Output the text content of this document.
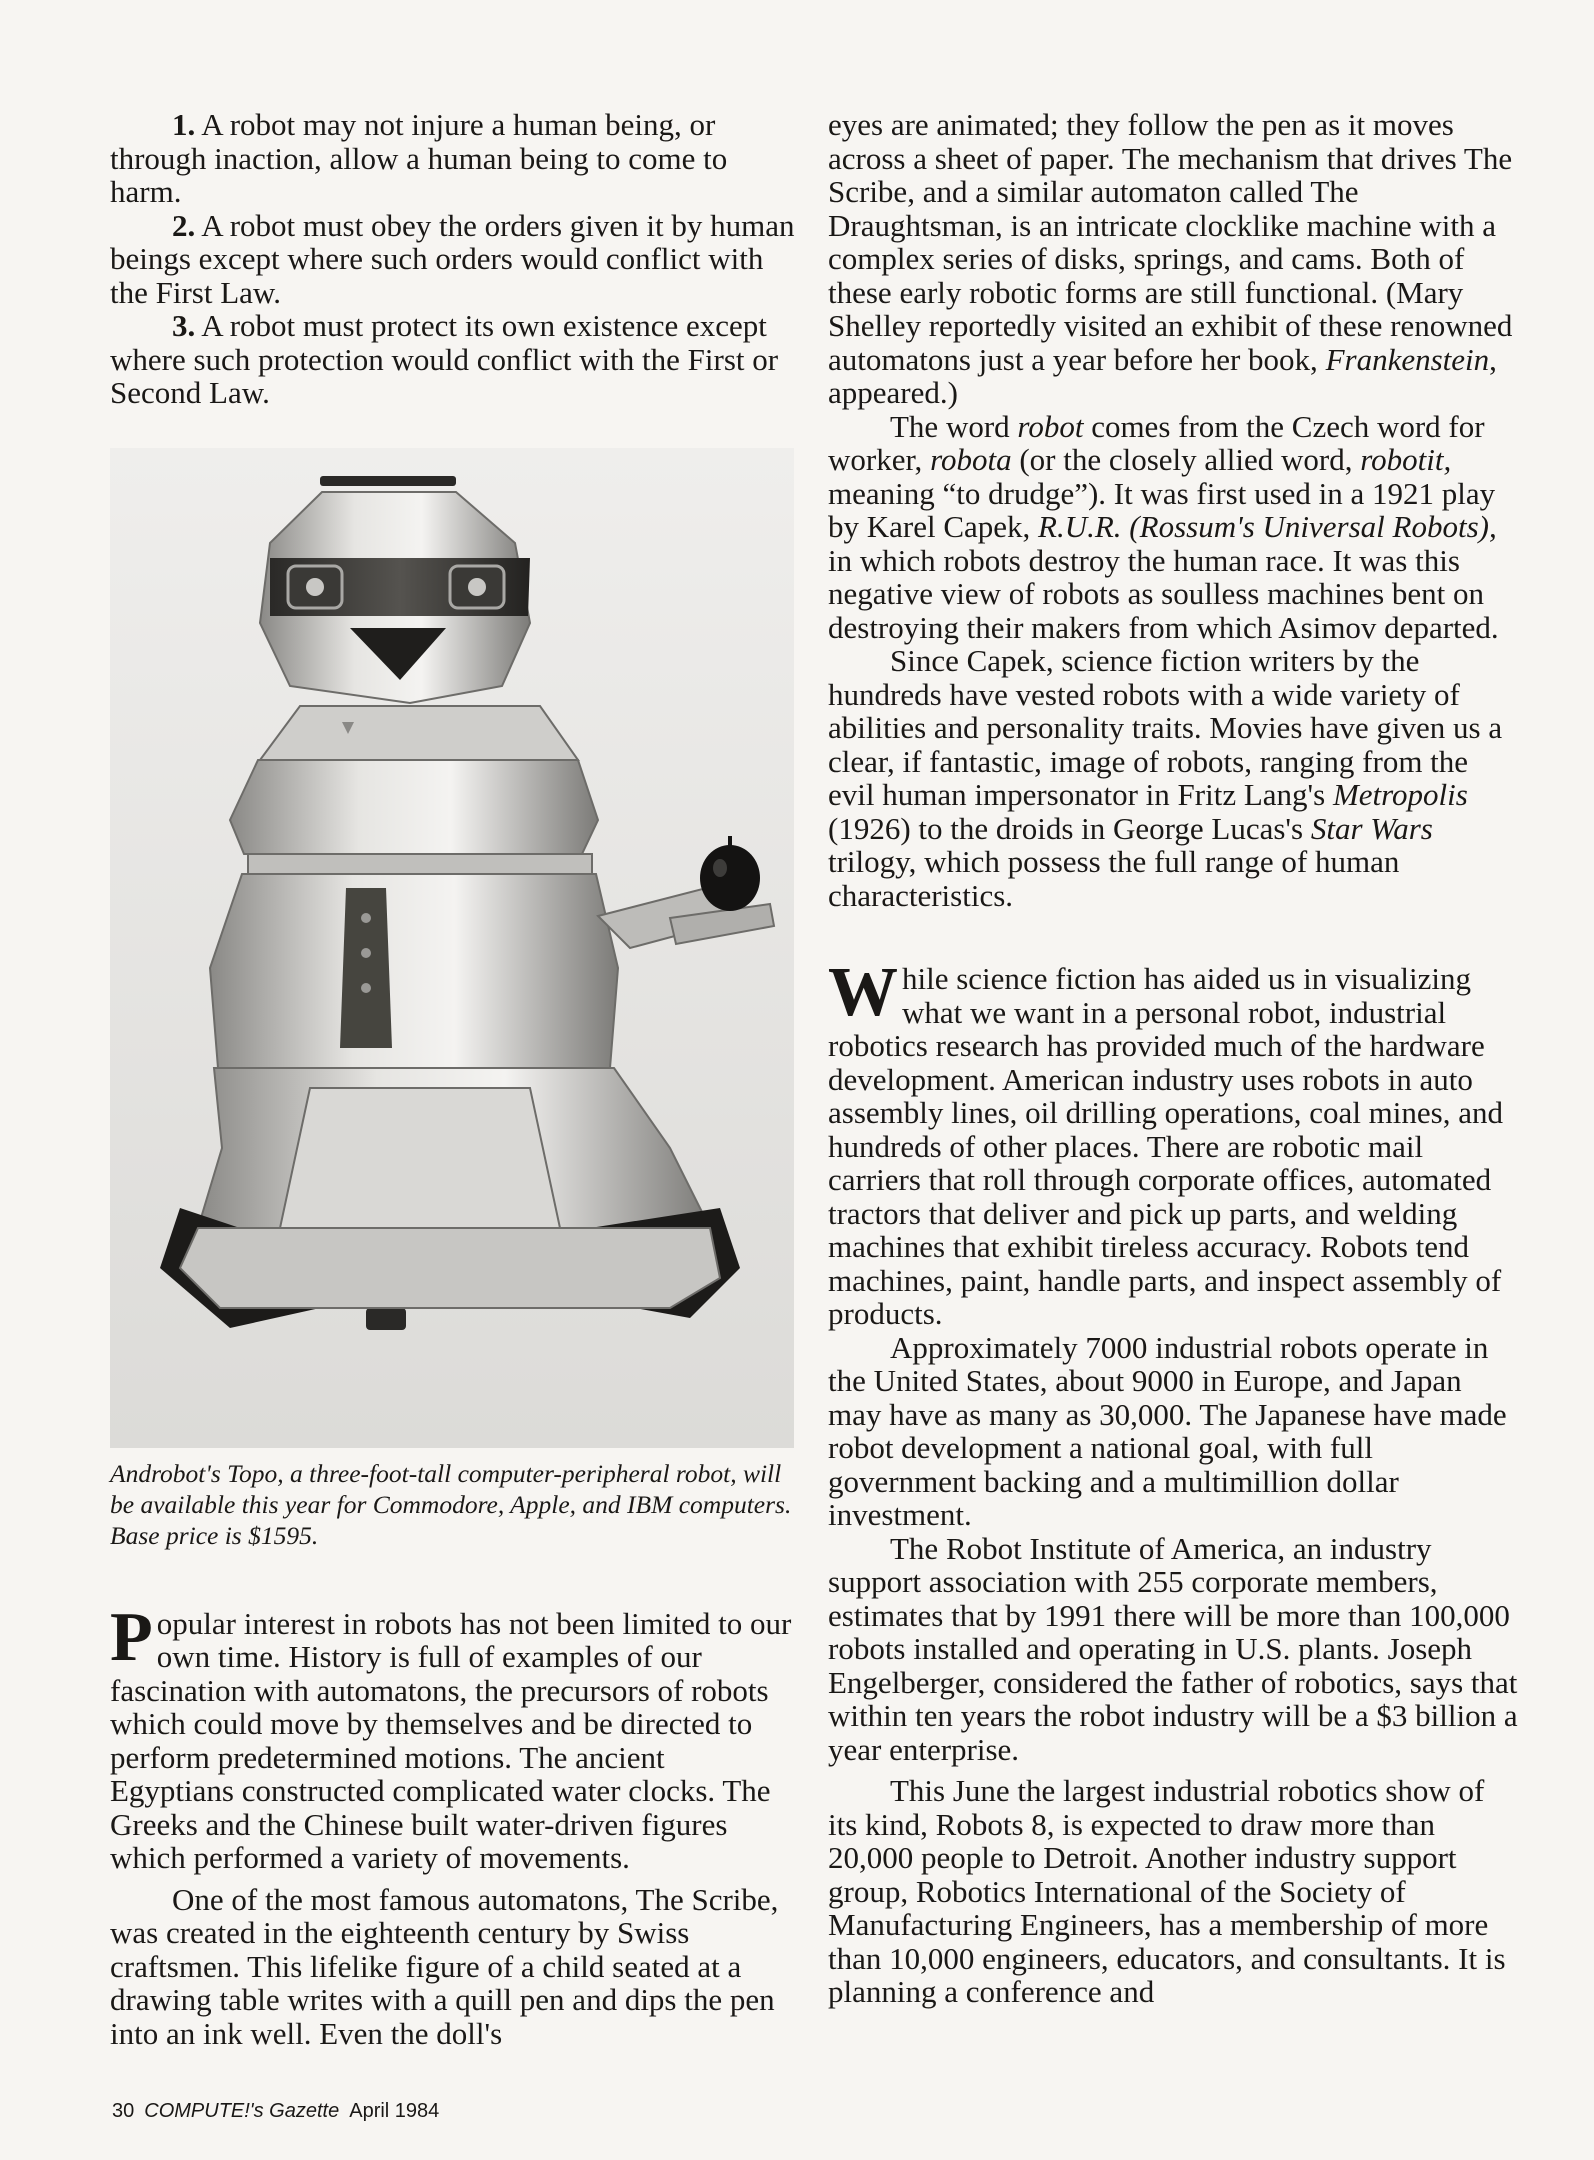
1. A robot may not injure a human being, or through inaction, allow a human being to come to harm.

2. A robot must obey the orders given it by human beings except where such orders would conflict with the First Law.

3. A robot must protect its own existence except where such protection would conflict with the First or Second Law.

Androbot's Topo, a three-foot-tall computer-peripheral robot, will be available this year for Commodore, Apple, and IBM computers. Base price is $1595.

Popular interest in robots has not been limited to our own time. History is full of examples of our fascination with automatons, the precursors of robots which could move by themselves and be directed to perform predetermined motions. The ancient Egyptians constructed complicated water clocks. The Greeks and the Chinese built water-driven figures which performed a variety of movements.

One of the most famous automatons, The Scribe, was created in the eighteenth century by Swiss craftsmen. This lifelike figure of a child seated at a drawing table writes with a quill pen and dips the pen into an ink well. Even the doll's

eyes are animated; they follow the pen as it moves across a sheet of paper. The mechanism that drives The Scribe, and a similar automaton called The Draughtsman, is an intricate clocklike machine with a complex series of disks, springs, and cams. Both of these early robotic forms are still functional. (Mary Shelley reportedly visited an exhibit of these renowned automatons just a year before her book, Frankenstein, appeared.)

The word robot comes from the Czech word for worker, robota (or the closely allied word, robotit, meaning “to drudge”). It was first used in a 1921 play by Karel Capek, R.U.R. (Rossum's Universal Robots), in which robots destroy the human race. It was this negative view of robots as soulless machines bent on destroying their makers from which Asimov departed.

Since Capek, science fiction writers by the hundreds have vested robots with a wide variety of abilities and personality traits. Movies have given us a clear, if fantastic, image of robots, ranging from the evil human impersonator in Fritz Lang's Metropolis (1926) to the droids in George Lucas's Star Wars trilogy, which possess the full range of human characteristics.

While science fiction has aided us in visualizing what we want in a personal robot, industrial robotics research has provided much of the hardware development. American industry uses robots in auto assembly lines, oil drilling operations, coal mines, and hundreds of other places. There are robotic mail carriers that roll through corporate offices, automated tractors that deliver and pick up parts, and welding machines that exhibit tireless accuracy. Robots tend machines, paint, handle parts, and inspect assembly of products.

Approximately 7000 industrial robots operate in the United States, about 9000 in Europe, and Japan may have as many as 30,000. The Japanese have made robot development a national goal, with full government backing and a multimillion dollar investment.

The Robot Institute of America, an industry support association with 255 corporate members, estimates that by 1991 there will be more than 100,000 robots installed and operating in U.S. plants. Joseph Engelberger, considered the father of robotics, says that within ten years the robot industry will be a $3 billion a year enterprise.

This June the largest industrial robotics show of its kind, Robots 8, is expected to draw more than 20,000 people to Detroit. Another industry support group, Robotics International of the Society of Manufacturing Engineers, has a membership of more than 10,000 engineers, educators, and consultants. It is planning a conference and

30 COMPUTE!'s Gazette April 1984
